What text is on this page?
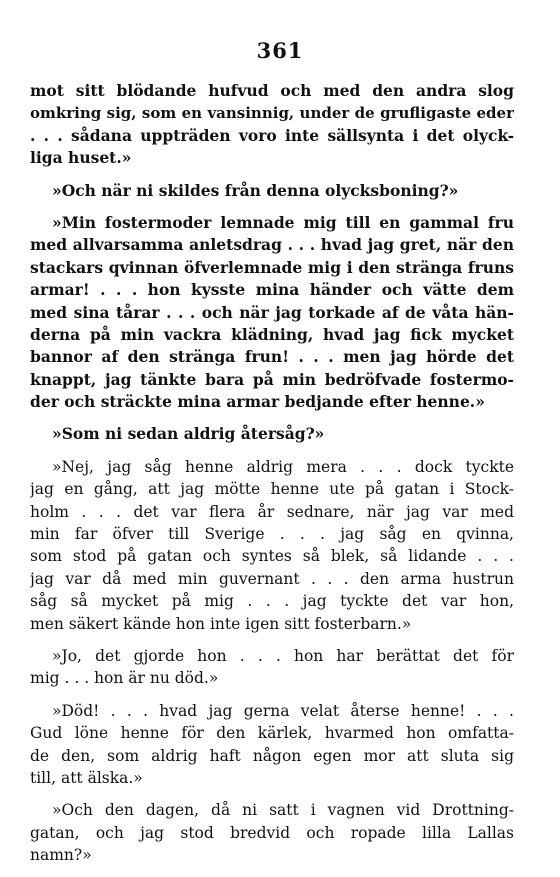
361
mot sitt blödande hufvud och med den andra slog
omkring sig, som en vansinnig, under de grufligaste eder
. . . sådana uppträden voro inte sällsynta i det olyck-
liga huset.»
»Och när ni skildes från denna olycksboning?»
»Min fostermoder lemnade mig till en gammal fru
med allvarsamma anletsdrag . . . hvad jag gret, när den
stackars qvinnan öfverlemnade mig i den stränga fruns
armar! . . . hon kysste mina händer och vätte dem
med sina tårar . . . och när jag torkade af de våta hän-
derna på min vackra klädning, hvad jag fick mycket
bannor af den stränga frun! . . . men jag hörde det
knappt, jag tänkte bara på min bedröfvade fostermo-
der och sträckte mina armar bedjande efter henne.»
»Som ni sedan aldrig återsåg?»
»Nej, jag såg henne aldrig mera . . . dock tyckte
jag en gång, att jag mötte henne ute på gatan i Stock-
holm . . . det var flera år sednare, när jag var med
min far öfver till Sverige . . . jag såg en qvinna,
som stod på gatan och syntes så blek, så lidande . . .
jag var då med min guvernant . . . den arma hustrun
såg så mycket på mig . . . jag tyckte det var hon,
men säkert kände hon inte igen sitt fosterbarn.»
»Jo, det gjorde hon . . . hon har berättat det för
mig . . . hon är nu död.»
»Död! . . . hvad jag gerna velat återse henne! . . .
Gud löne henne för den kärlek, hvarmed hon omfatta-
de den, som aldrig haft någon egen mor att sluta sig
till, att älska.»
»Och den dagen, då ni satt i vagnen vid Drottning-
gatan, och jag stod bredvid och ropade lilla Lallas
namn?»
